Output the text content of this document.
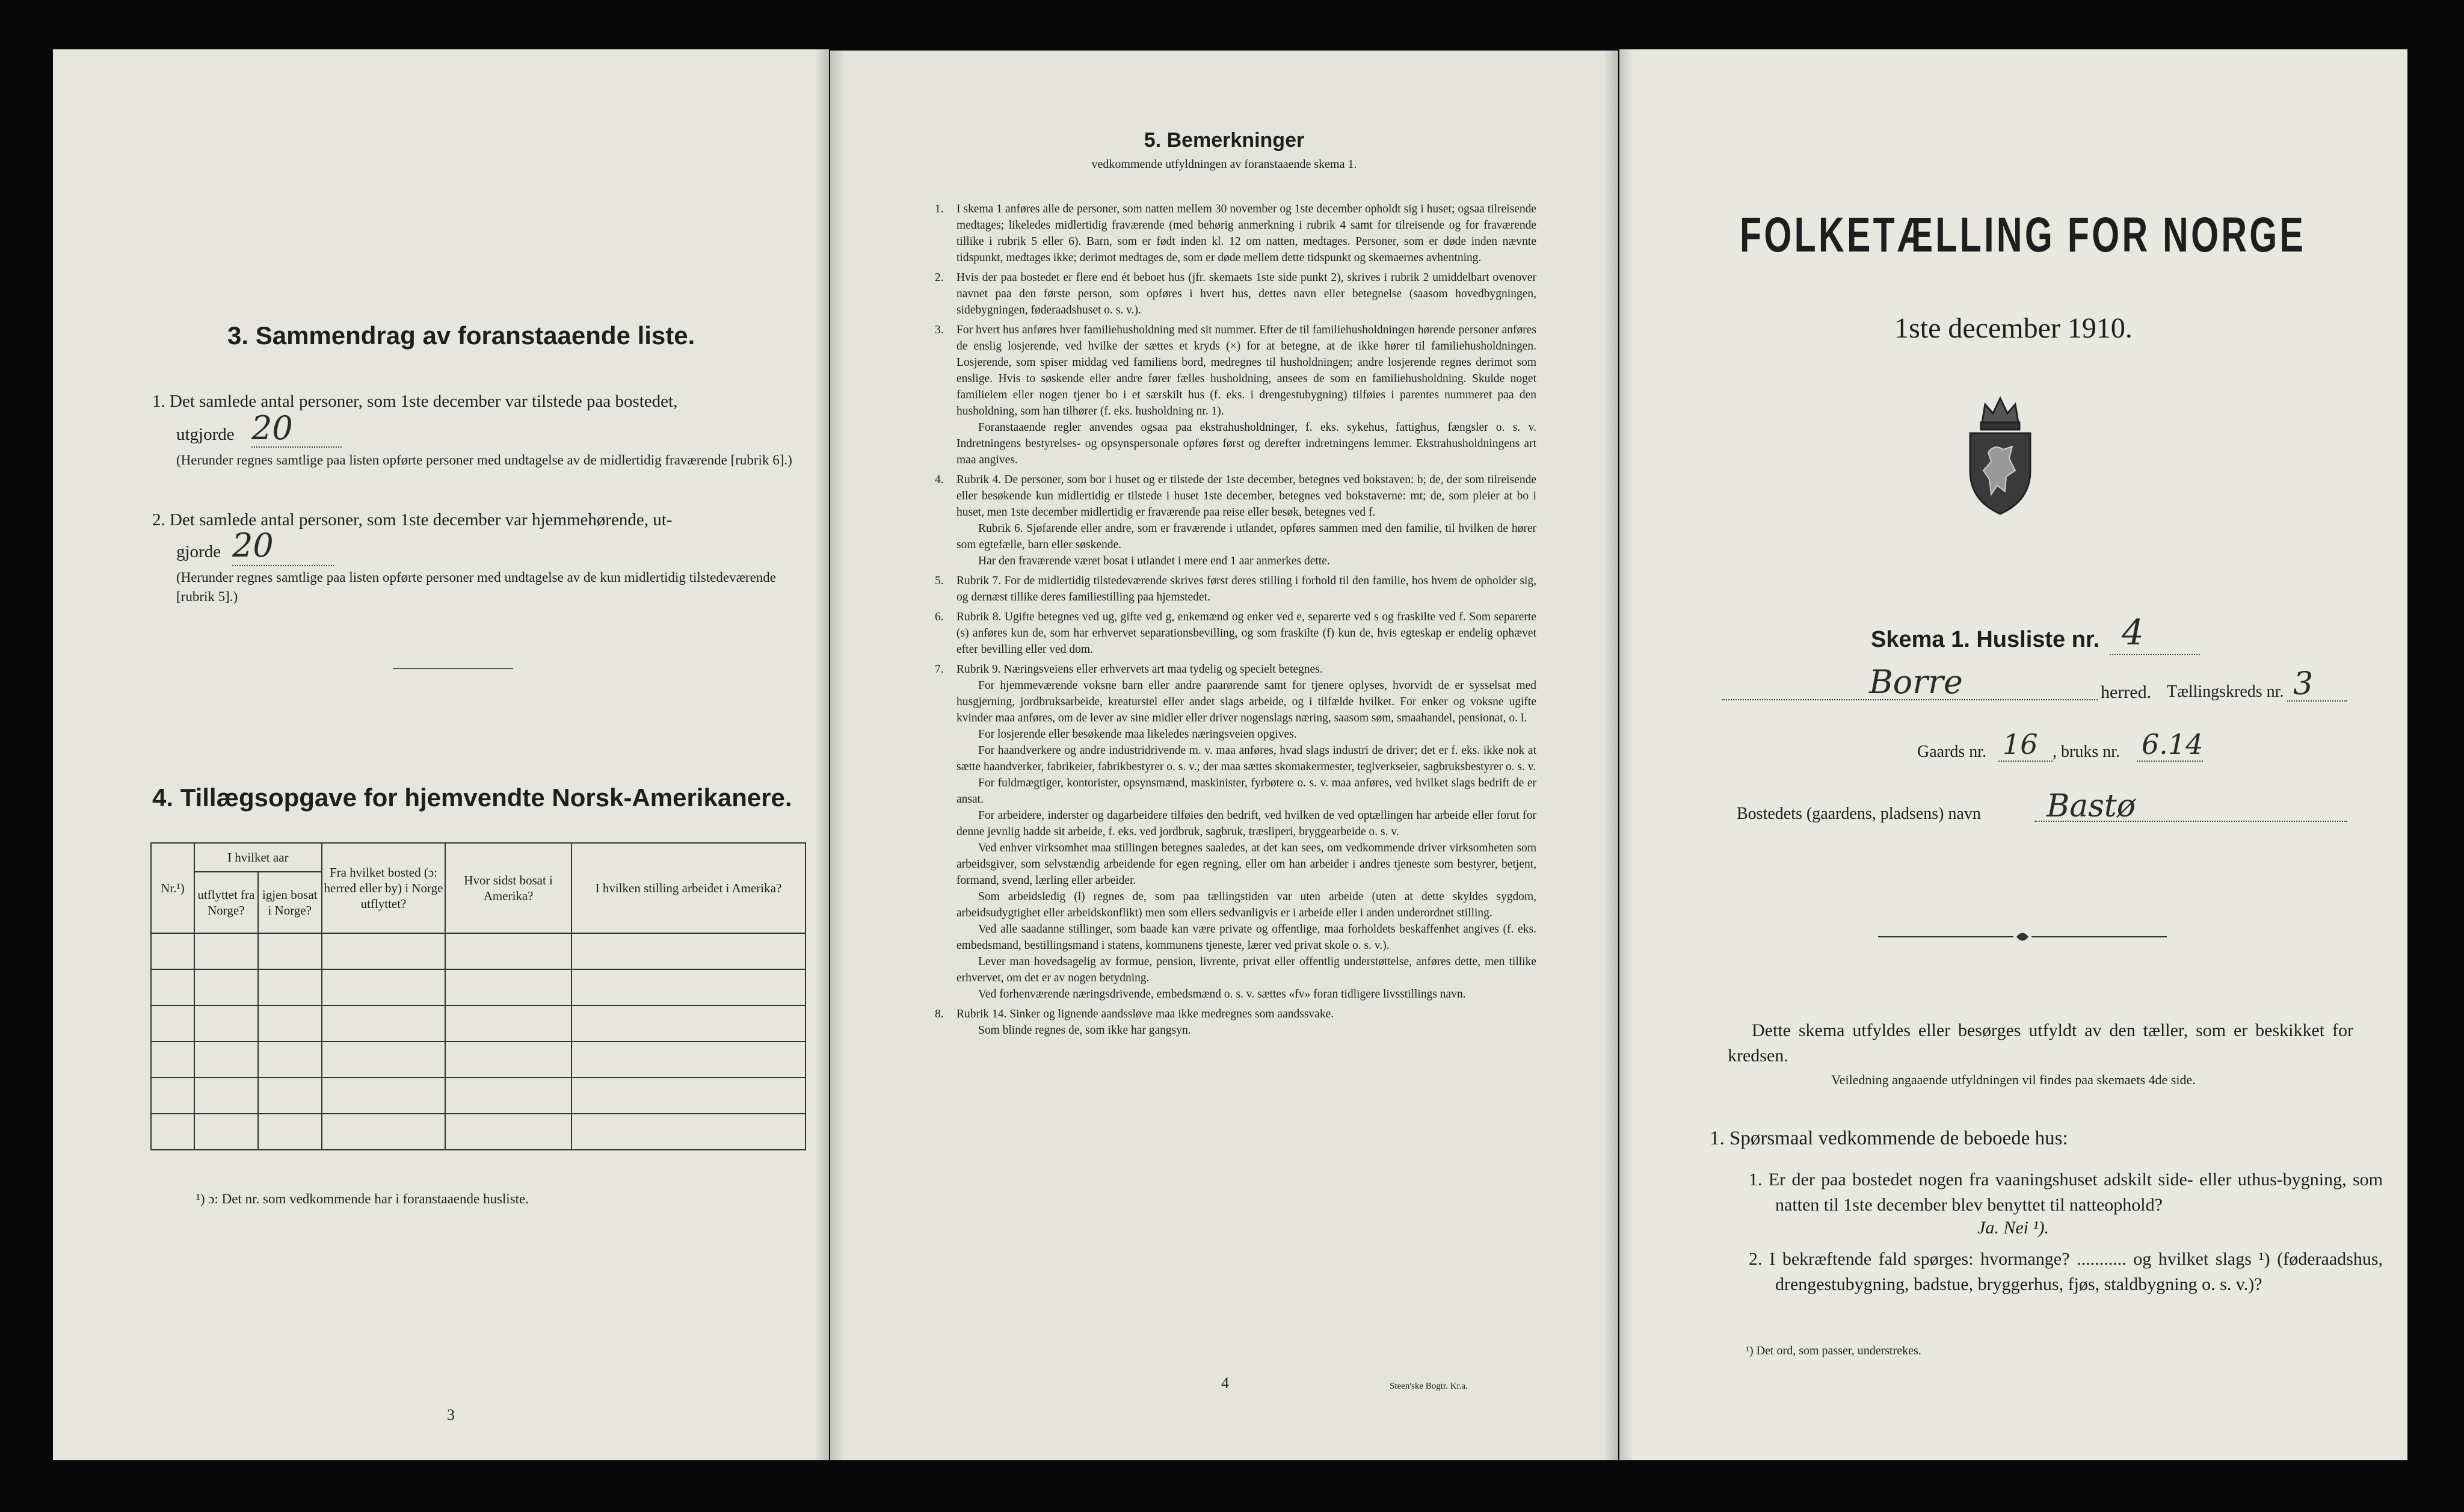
3. Sammendrag av foranstaaende liste.
1. Det samlede antal personer, som 1ste december var tilstede paa bostedet,
utgjorde 20
(Herunder regnes samtlige paa listen opførte personer med undtagelse av de midlertidig fraværende [rubrik 6].)
2. Det samlede antal personer, som 1ste december var hjemmehørende, ut-
gjorde 20
(Herunder regnes samtlige paa listen opførte personer med undtagelse av de kun midlertidig tilstedeværende [rubrik 5].)
4. Tillægsopgave for hjemvendte Norsk-Amerikanere.
Nr.¹)	I hvilket aar		Fra hvilket bosted (ɔ: herred eller by) i Norge utflyttet?	Hvor sidst bosat i Amerika?	I hvilken stilling arbeidet i Amerika?
	utflyttet fra Norge?	igjen bosat i Norge?			

¹) ɔ: Det nr. som vedkommende har i foranstaaende husliste.
3
5. Bemerkninger
vedkommende utfyldningen av foranstaaende skema 1.
1. I skema 1 anføres alle de personer, som natten mellem 30 november og 1ste december opholdt sig i huset; ogsaa tilreisende medtages; likeledes midlertidig fraværende (med behørig anmerkning i rubrik 4 samt for tilreisende og for fraværende tillike i rubrik 5 eller 6). Barn, som er født inden kl. 12 om natten, medtages. Personer, som er døde inden nævnte tidspunkt, medtages ikke; derimot medtages de, som er døde mellem dette tidspunkt og skemaernes avhentning.

2. Hvis der paa bostedet er flere end ét beboet hus (jfr. skemaets 1ste side punkt 2), skrives i rubrik 2 umiddelbart ovenover navnet paa den første person, som opføres i hvert hus, dettes navn eller betegnelse (saasom hovedbygningen, sidebygningen, føderaadshuset o. s. v.).

3. For hvert hus anføres hver familiehusholdning med sit nummer. Efter de til familiehusholdningen hørende personer anføres de enslig losjerende, ved hvilke der sættes et kryds (×) for at betegne, at de ikke hører til familiehusholdningen. Losjerende, som spiser middag ved familiens bord, medregnes til husholdningen; andre losjerende regnes derimot som enslige. Hvis to søskende eller andre fører fælles husholdning, ansees de som en familiehusholdning. Skulde noget familielem eller nogen tjener bo i et særskilt hus (f. eks. i drengestubygning) tilføies i parentes nummeret paa den husholdning, som han tilhører (f. eks. husholdning nr. 1).

Foranstaaende regler anvendes ogsaa paa ekstrahusholdninger, f. eks. sykehus, fattighus, fængsler o. s. v. Indretningens bestyrelses- og opsynspersonale opføres først og derefter indretningens lemmer. Ekstrahusholdningens art maa angives.

4. Rubrik 4. De personer, som bor i huset og er tilstede der 1ste december, betegnes ved bokstaven: b; de, der som tilreisende eller besøkende kun midlertidig er tilstede i huset 1ste december, betegnes ved bokstaverne: mt; de, som pleier at bo i huset, men 1ste december midlertidig er fraværende paa reise eller besøk, betegnes ved f.

Rubrik 6. Sjøfarende eller andre, som er fraværende i utlandet, opføres sammen med den familie, til hvilken de hører som egtefælle, barn eller søskende.

Har den fraværende været bosat i utlandet i mere end 1 aar anmerkes dette.

5. Rubrik 7. For de midlertidig tilstedeværende skrives først deres stilling i forhold til den familie, hos hvem de opholder sig, og dernæst tillike deres familiestilling paa hjemstedet.

6. Rubrik 8. Ugifte betegnes ved ug, gifte ved g, enkemænd og enker ved e, separerte ved s og fraskilte ved f. Som separerte (s) anføres kun de, som har erhvervet separationsbevilling, og som fraskilte (f) kun de, hvis egteskap er endelig ophævet efter bevilling eller ved dom.

7. Rubrik 9. Næringsveiens eller erhvervets art maa tydelig og specielt betegnes.

For hjemmeværende voksne barn eller andre paarørende samt for tjenere oplyses, hvorvidt de er sysselsat med husgjerning, jordbruksarbeide, kreaturstel eller andet slags arbeide, og i tilfælde hvilket. For enker og voksne ugifte kvinder maa anføres, om de lever av sine midler eller driver nogenslags næring, saasom søm, smaahandel, pensionat, o. l.

For losjerende eller besøkende maa likeledes næringsveien opgives.

For haandverkere og andre industridrivende m. v. maa anføres, hvad slags industri de driver; det er f. eks. ikke nok at sætte haandverker, fabrikeier, fabrikbestyrer o. s. v.; der maa sættes skomakermester, teglverkseier, sagbruksbestyrer o. s. v.

For fuldmægtiger, kontorister, opsynsmænd, maskinister, fyrbøtere o. s. v. maa anføres, ved hvilket slags bedrift de er ansat.

For arbeidere, inderster og dagarbeidere tilføies den bedrift, ved hvilken de ved optællingen har arbeide eller forut for denne jevnlig hadde sit arbeide, f. eks. ved jordbruk, sagbruk, træsliperi, bryggearbeide o. s. v.

Ved enhver virksomhet maa stillingen betegnes saaledes, at det kan sees, om vedkommende driver virksomheten som arbeidsgiver, som selvstændig arbeidende for egen regning, eller om han arbeider i andres tjeneste som bestyrer, betjent, formand, svend, lærling eller arbeider.

Som arbeidsledig (l) regnes de, som paa tællingstiden var uten arbeide (uten at dette skyldes sygdom, arbeidsudygtighet eller arbeidskonflikt) men som ellers sedvanligvis er i arbeide eller i anden underordnet stilling.

Ved alle saadanne stillinger, som baade kan være private og offentlige, maa forholdets beskaffenhet angives (f. eks. embedsmand, bestillingsmand i statens, kommunens tjeneste, lærer ved privat skole o. s. v.).

Lever man hovedsagelig av formue, pension, livrente, privat eller offentlig understøttelse, anføres dette, men tillike erhvervet, om det er av nogen betydning.

Ved forhenværende næringsdrivende, embedsmænd o. s. v. sættes «fv» foran tidligere livsstillings navn.

8. Rubrik 14. Sinker og lignende aandssløve maa ikke medregnes som aandssvake.

Som blinde regnes de, som ikke har gangsyn.

4	Steen'ske Bogtr. Kr.a.
FOLKETÆLLING FOR NORGE
1ste december 1910.
Skema 1. Husliste nr. 4
Borre	herred. Tællingskreds nr. 3
Gaards nr. 16 , bruks nr. 6.14
Bostedets (gaardens, pladsens) navn Bastø
Dette skema utfyldes eller besørges utfyldt av den tæller, som er beskikket for kredsen.
Veiledning angaaende utfyldningen vil findes paa skemaets 4de side.
1. Spørsmaal vedkommende de beboede hus:
1. Er der paa bostedet nogen fra vaaningshuset adskilt side- eller uthus-bygning, som natten til 1ste december blev benyttet til natteophold?
Ja. Nei ¹).
2. I bekræftende fald spørges: hvormange? ........... og hvilket slags ¹) (føderaadshus, drengestubygning, badstue, bryggerhus, fjøs, staldbygning o. s. v.)?
¹) Det ord, som passer, understrekes.
